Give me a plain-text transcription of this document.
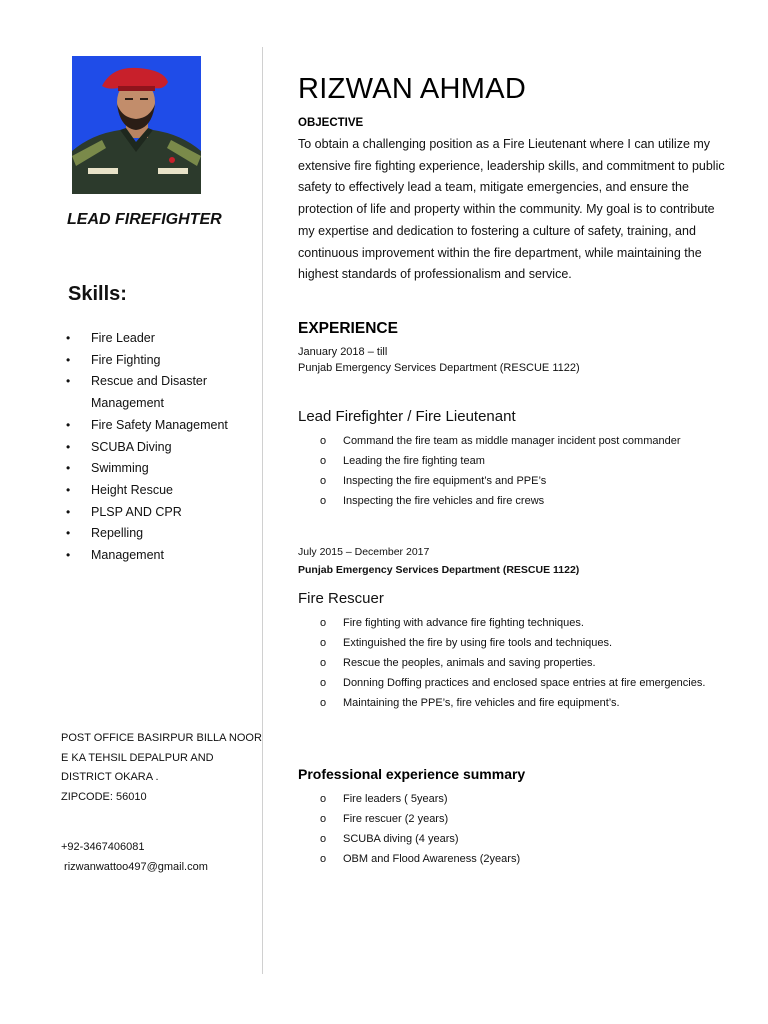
LEAD FIREFIGHTER
Skills:
• Fire Leader
• Fire Fighting
• Rescue and Disaster Management
• Fire Safety Management
• SCUBA Diving
• Swimming
• Height Rescue
• PLSP AND CPR
• Repelling
• Management
POST OFFICE BASIRPUR BILLA NOOR
E KA TEHSIL DEPALPUR AND
DISTRICT OKARA .
ZIPCODE: 56010
+92-3467406081
rizwanwattoo497@gmail.com
RIZWAN AHMAD
OBJECTIVE
To obtain a challenging position as a Fire Lieutenant where I can utilize my extensive fire fighting experience, leadership skills, and commitment to public safety to effectively lead a team, mitigate emergencies, and ensure the protection of life and property within the community. My goal is to contribute my expertise and dedication to fostering a culture of safety, training, and continuous improvement within the fire department, while maintaining the highest standards of professionalism and service.
EXPERIENCE
January 2018 – till
Punjab Emergency Services Department (RESCUE 1122)
Lead Firefighter / Fire Lieutenant
o Command the fire team as middle manager incident post commander
o Leading the fire fighting team
o Inspecting the fire equipment’s and PPE’s
o Inspecting the fire vehicles and fire crews
July 2015 – December 2017
Punjab Emergency Services Department (RESCUE 1122)
Fire Rescuer
o Fire fighting with advance fire fighting techniques.
o Extinguished the fire by using fire tools and techniques.
o Rescue the peoples, animals and saving properties.
o Donning Doffing practices and enclosed space entries at fire emergencies.
o Maintaining the PPE’s, fire vehicles and fire equipment’s.
Professional experience summary
o Fire leaders ( 5years)
o Fire rescuer (2 years)
o SCUBA diving (4 years)
o OBM and Flood Awareness (2years)
